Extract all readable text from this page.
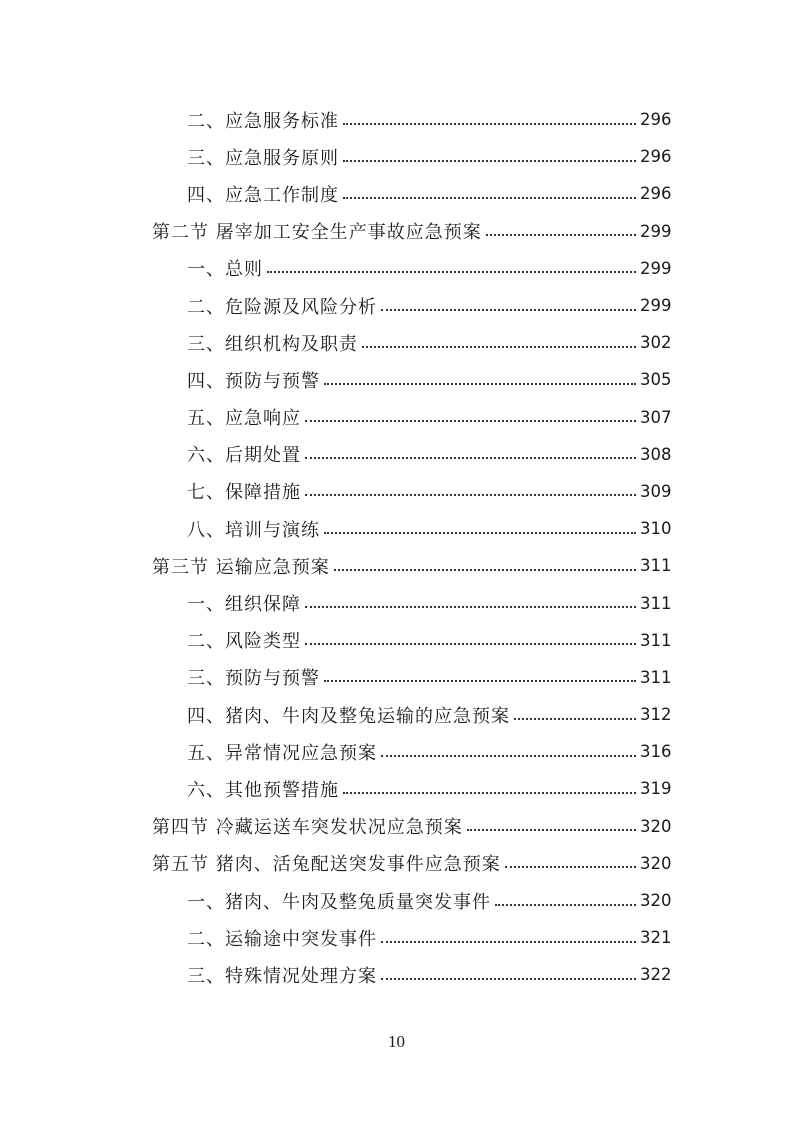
二、应急服务标准	296
三、应急服务原则	296
四、应急工作制度	296
第二节 屠宰加工安全生产事故应急预案	299
一、总则	299
二、危险源及风险分析	299
三、组织机构及职责	302
四、预防与预警	305
五、应急响应	307
六、后期处置	308
七、保障措施	309
八、培训与演练	310
第三节 运输应急预案	311
一、组织保障	311
二、风险类型	311
三、预防与预警	311
四、猪肉、牛肉及整兔运输的应急预案	312
五、异常情况应急预案	316
六、其他预警措施	319
第四节 冷藏运送车突发状况应急预案	320
第五节 猪肉、活兔配送突发事件应急预案	320
一、猪肉、牛肉及整兔质量突发事件	320
二、运输途中突发事件	321
三、特殊情况处理方案	322
10
